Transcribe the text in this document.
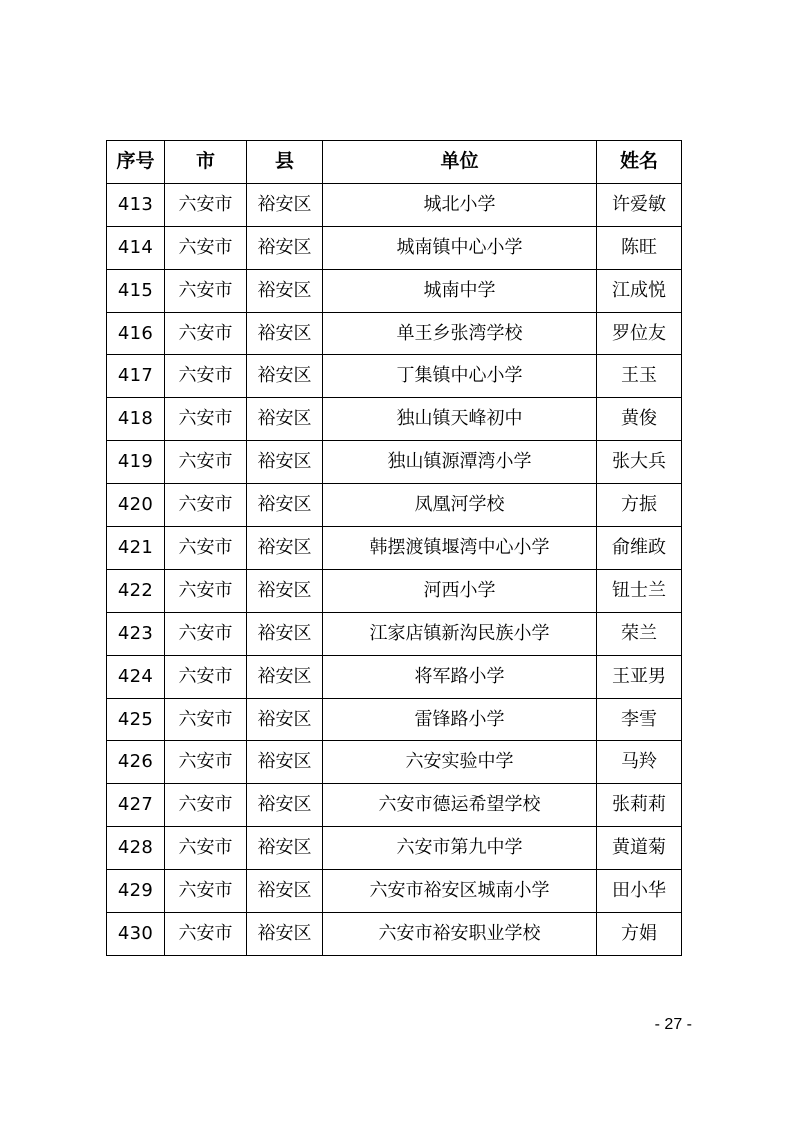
序号	市	县	单位	姓名
413	六安市	裕安区	城北小学	许爱敏
414	六安市	裕安区	城南镇中心小学	陈旺
415	六安市	裕安区	城南中学	江成悦
416	六安市	裕安区	单王乡张湾学校	罗位友
417	六安市	裕安区	丁集镇中心小学	王玉
418	六安市	裕安区	独山镇天峰初中	黄俊
419	六安市	裕安区	独山镇源潭湾小学	张大兵
420	六安市	裕安区	凤凰河学校	方振
421	六安市	裕安区	韩摆渡镇堰湾中心小学	俞维政
422	六安市	裕安区	河西小学	钮士兰
423	六安市	裕安区	江家店镇新沟民族小学	荣兰
424	六安市	裕安区	将军路小学	王亚男
425	六安市	裕安区	雷锋路小学	李雪
426	六安市	裕安区	六安实验中学	马羚
427	六安市	裕安区	六安市德运希望学校	张莉莉
428	六安市	裕安区	六安市第九中学	黄道菊
429	六安市	裕安区	六安市裕安区城南小学	田小华
430	六安市	裕安区	六安市裕安职业学校	方娟
- 27 -
